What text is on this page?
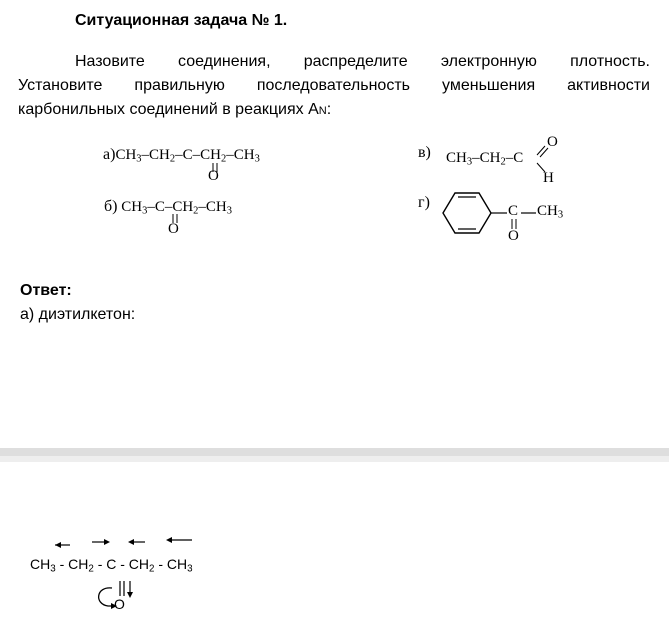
Ситуационная задача № 1.
Назовите соединения, распределите электронную плотность.
Установите правильную последовательность уменьшения активности
карбонильных соединений в реакциях AN:
$а)CH_3-CH_2-C-CH_2-CH_3$
O
б) $CH_3-C-CH_2-CH_3$
O
в) $CH_3-CH_2-C$
O
H
г)	C $CH_3$
O
Ответ:
а) диэтилкетон:
$CH_3 - CH_2$ - C - $CH_2 - CH_3$
O
